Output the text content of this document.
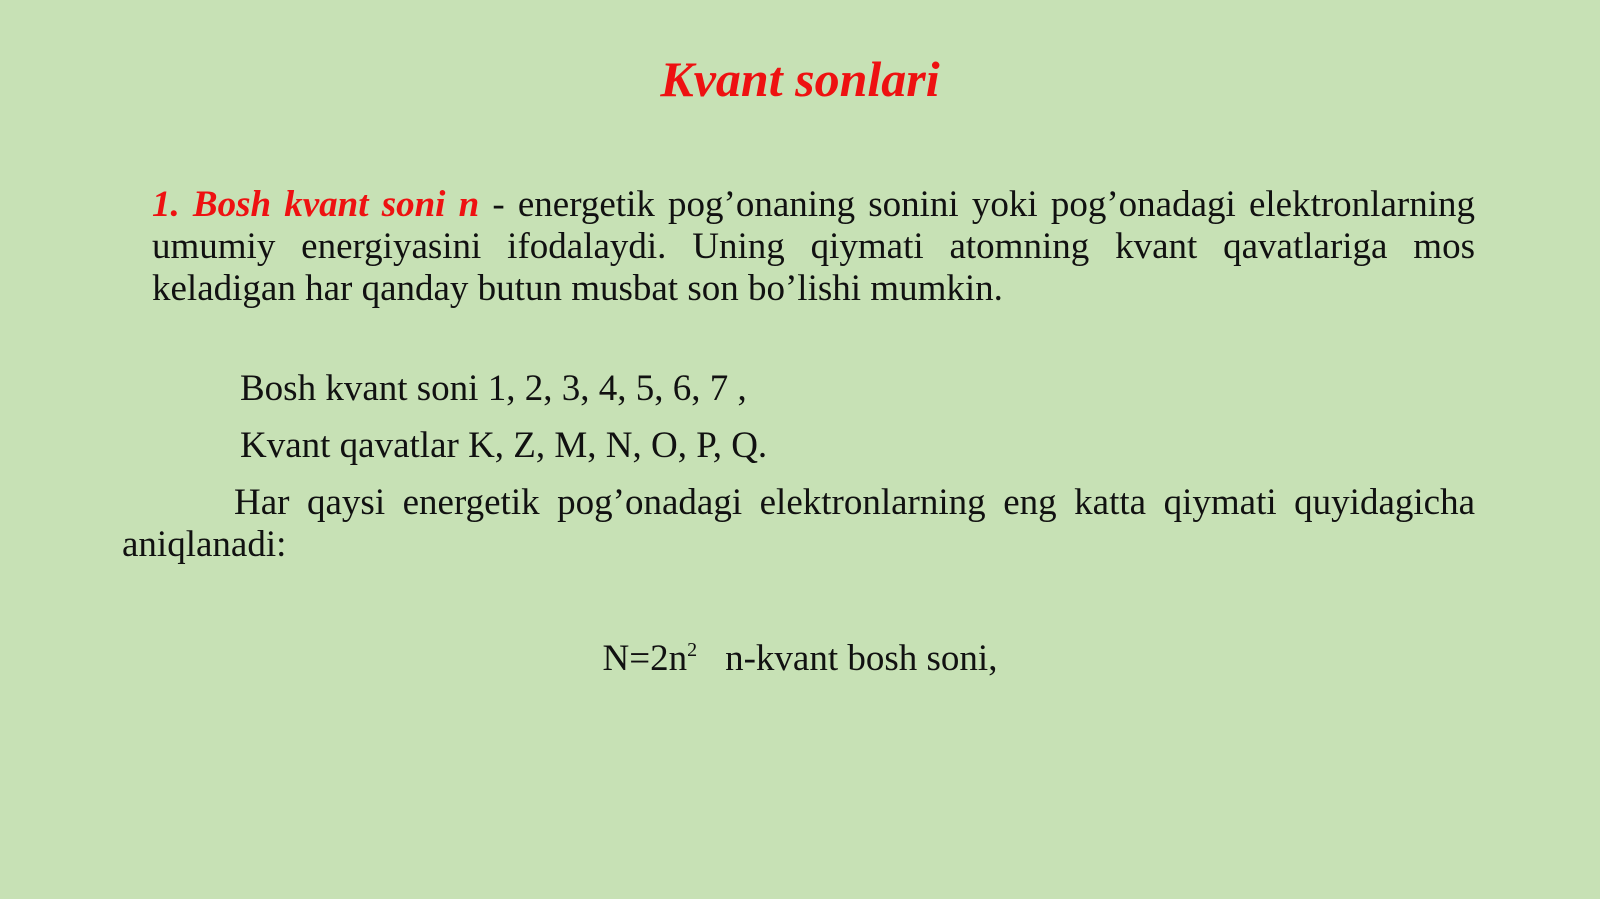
Kvant sonlari
1. Bosh kvant soni n - energetik pog’onaning sonini yoki pog’onadagi elektronlarning umumiy energiyasini ifodalaydi. Uning qiymati atomning kvant qavatlariga mos keladigan har qanday butun musbat son bo’lishi mumkin.
Bosh kvant soni 1, 2, 3, 4, 5, 6, 7 ,
Kvant qavatlar K, Z, M, N, O, P, Q.
Har qaysi energetik pog’onadagi elektronlarning eng katta qiymati quyidagicha aniqlanadi:
$N=2n^2$ n-kvant bosh soni,
